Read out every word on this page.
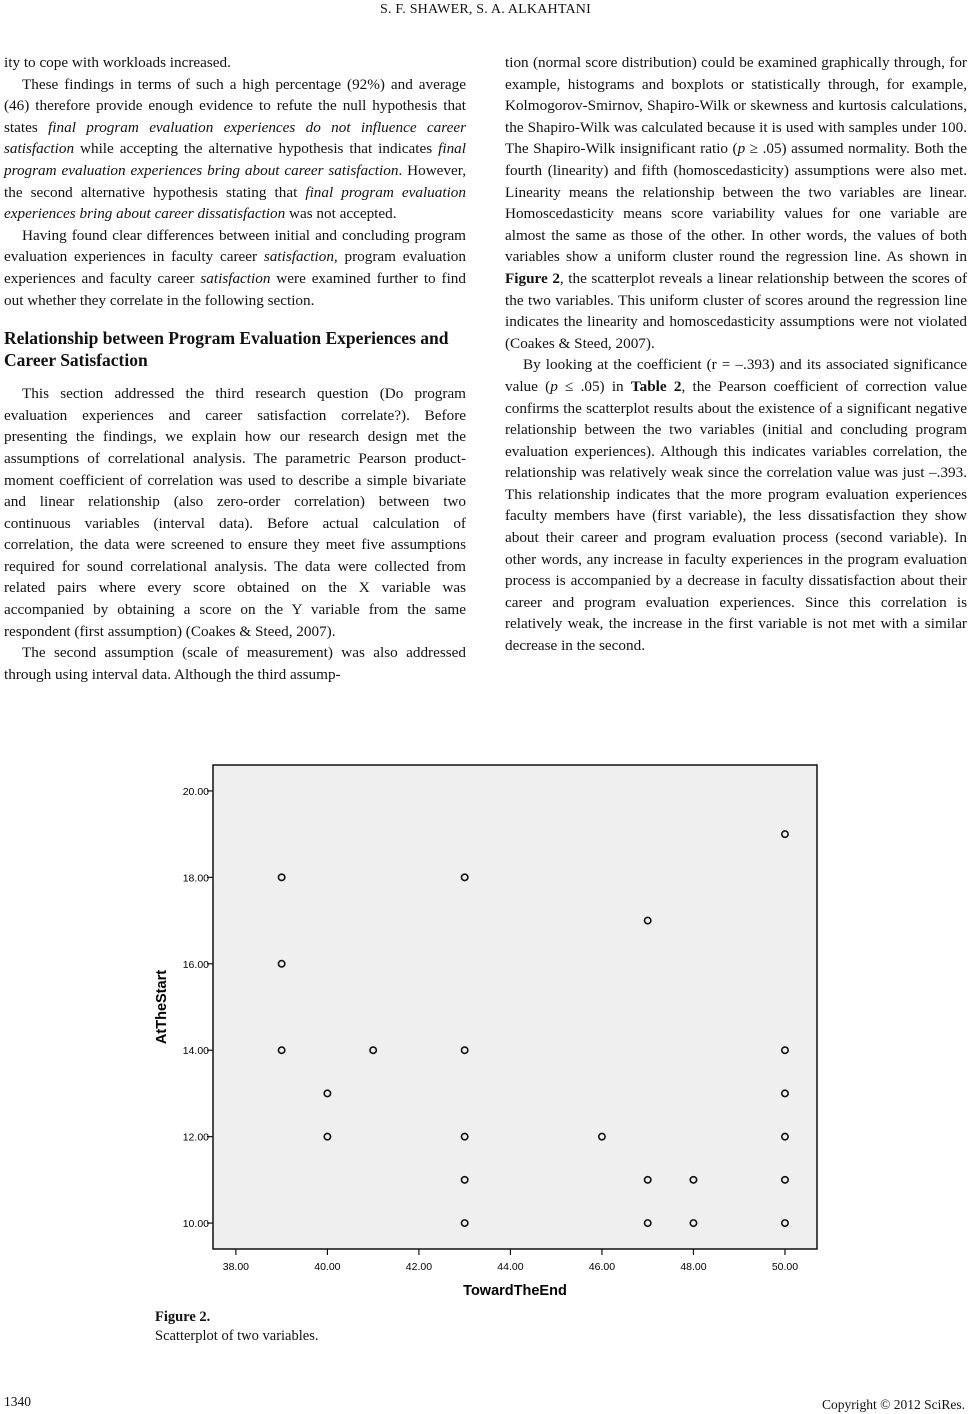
S. F. SHAWER, S. A. ALKAHTANI

ity to cope with workloads increased.

These findings in terms of such a high percentage (92%) and average (46) therefore provide enough evidence to refute the null hypothesis that states final program evaluation experiences do not influence career satisfaction while accepting the alternative hypothesis that indicates final program evaluation experiences bring about career satisfaction. However, the second alternative hypothesis stating that final program evaluation experiences bring about career dissatisfaction was not accepted.

Having found clear differences between initial and concluding program evaluation experiences in faculty career satisfaction, program evaluation experiences and faculty career satisfaction were examined further to find out whether they correlate in the following section.

Relationship between Program Evaluation Experiences and Career Satisfaction

This section addressed the third research question (Do program evaluation experiences and career satisfaction correlate?). Before presenting the findings, we explain how our research design met the assumptions of correlational analysis. The parametric Pearson product-moment coefficient of correlation was used to describe a simple bivariate and linear relationship (also zero-order correlation) between two continuous variables (interval data). Before actual calculation of correlation, the data were screened to ensure they meet five assumptions required for sound correlational analysis. The data were collected from related pairs where every score obtained on the X variable was accompanied by obtaining a score on the Y variable from the same respondent (first assumption) (Coakes & Steed, 2007).

The second assumption (scale of measurement) was also addressed through using interval data. Although the third assump-

tion (normal score distribution) could be examined graphically through, for example, histograms and boxplots or statistically through, for example, Kolmogorov-Smirnov, Shapiro-Wilk or skewness and kurtosis calculations, the Shapiro-Wilk was calculated because it is used with samples under 100. The Shapiro-Wilk insignificant ratio (p ≥ .05) assumed normality. Both the fourth (linearity) and fifth (homoscedasticity) assumptions were also met. Linearity means the relationship between the two variables are linear. Homoscedasticity means score variability values for one variable are almost the same as those of the other. In other words, the values of both variables show a uniform cluster round the regression line. As shown in Figure 2, the scatterplot reveals a linear relationship between the scores of the two variables. This uniform cluster of scores around the regression line indicates the linearity and homoscedasticity assumptions were not violated (Coakes & Steed, 2007).

By looking at the coefficient (r = –.393) and its associated significance value (p ≤ .05) in Table 2, the Pearson coefficient of correction value confirms the scatterplot results about the existence of a significant negative relationship between the two variables (initial and concluding program evaluation experiences). Although this indicates variables correlation, the relationship was relatively weak since the correlation value was just –.393. This relationship indicates that the more program evaluation experiences faculty members have (first variable), the less dissatisfaction they show about their career and program evaluation process (second variable). In other words, any increase in faculty experiences in the program evaluation process is accompanied by a decrease in faculty dissatisfaction about their career and program evaluation experiences. Since this correlation is relatively weak, the increase in the first variable is not met with a similar decrease in the second.

38.00	40.00	42.00	44.00	46.00	48.00	50.00
10.00
12.00
14.00
16.00
18.00
20.00
TowardTheEnd
AtTheStart
Figure 2.
Scatterplot of two variables.
1340	Copyright © 2012 SciRes.
